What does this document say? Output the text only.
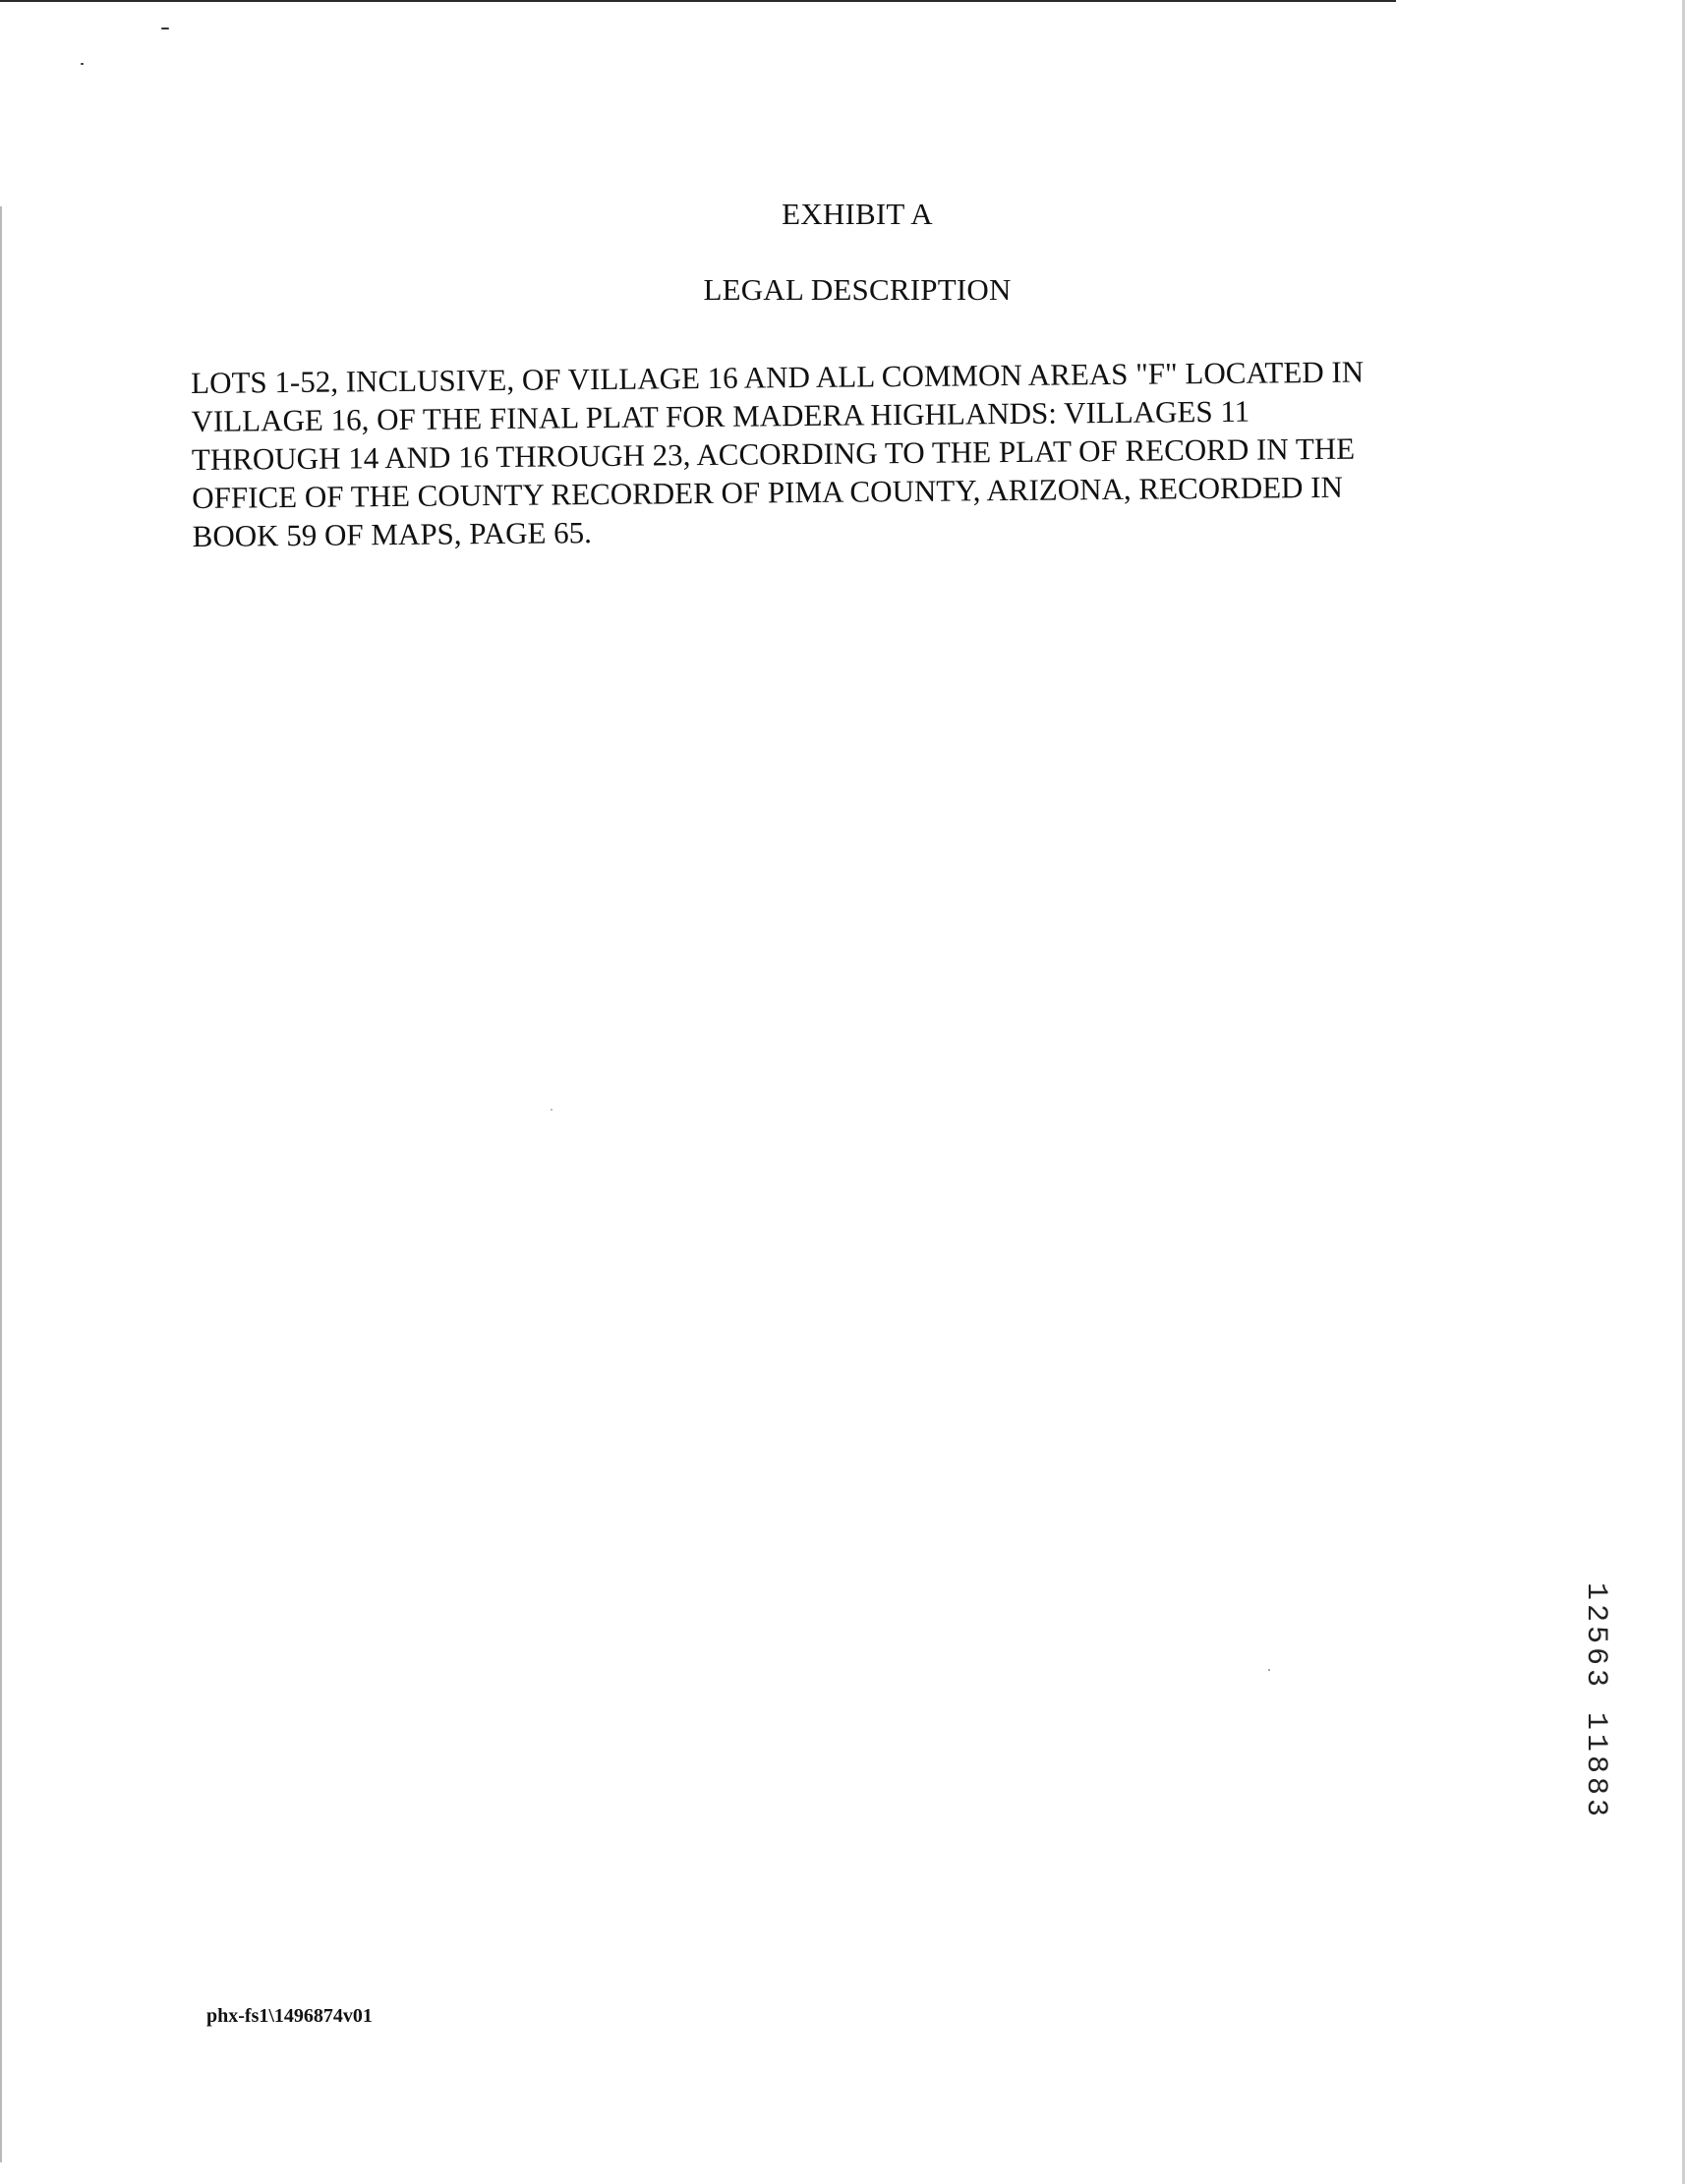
EXHIBIT A
LEGAL DESCRIPTION
LOTS 1-52, INCLUSIVE, OF VILLAGE 16 AND ALL COMMON AREAS "F" LOCATED IN
VILLAGE 16, OF THE FINAL PLAT FOR MADERA HIGHLANDS: VILLAGES 11
THROUGH 14 AND 16 THROUGH 23, ACCORDING TO THE PLAT OF RECORD IN THE
OFFICE OF THE COUNTY RECORDER OF PIMA COUNTY, ARIZONA, RECORDED IN
BOOK 59 OF MAPS, PAGE 65.
12563 11883
phx-fs1\1496874v01
